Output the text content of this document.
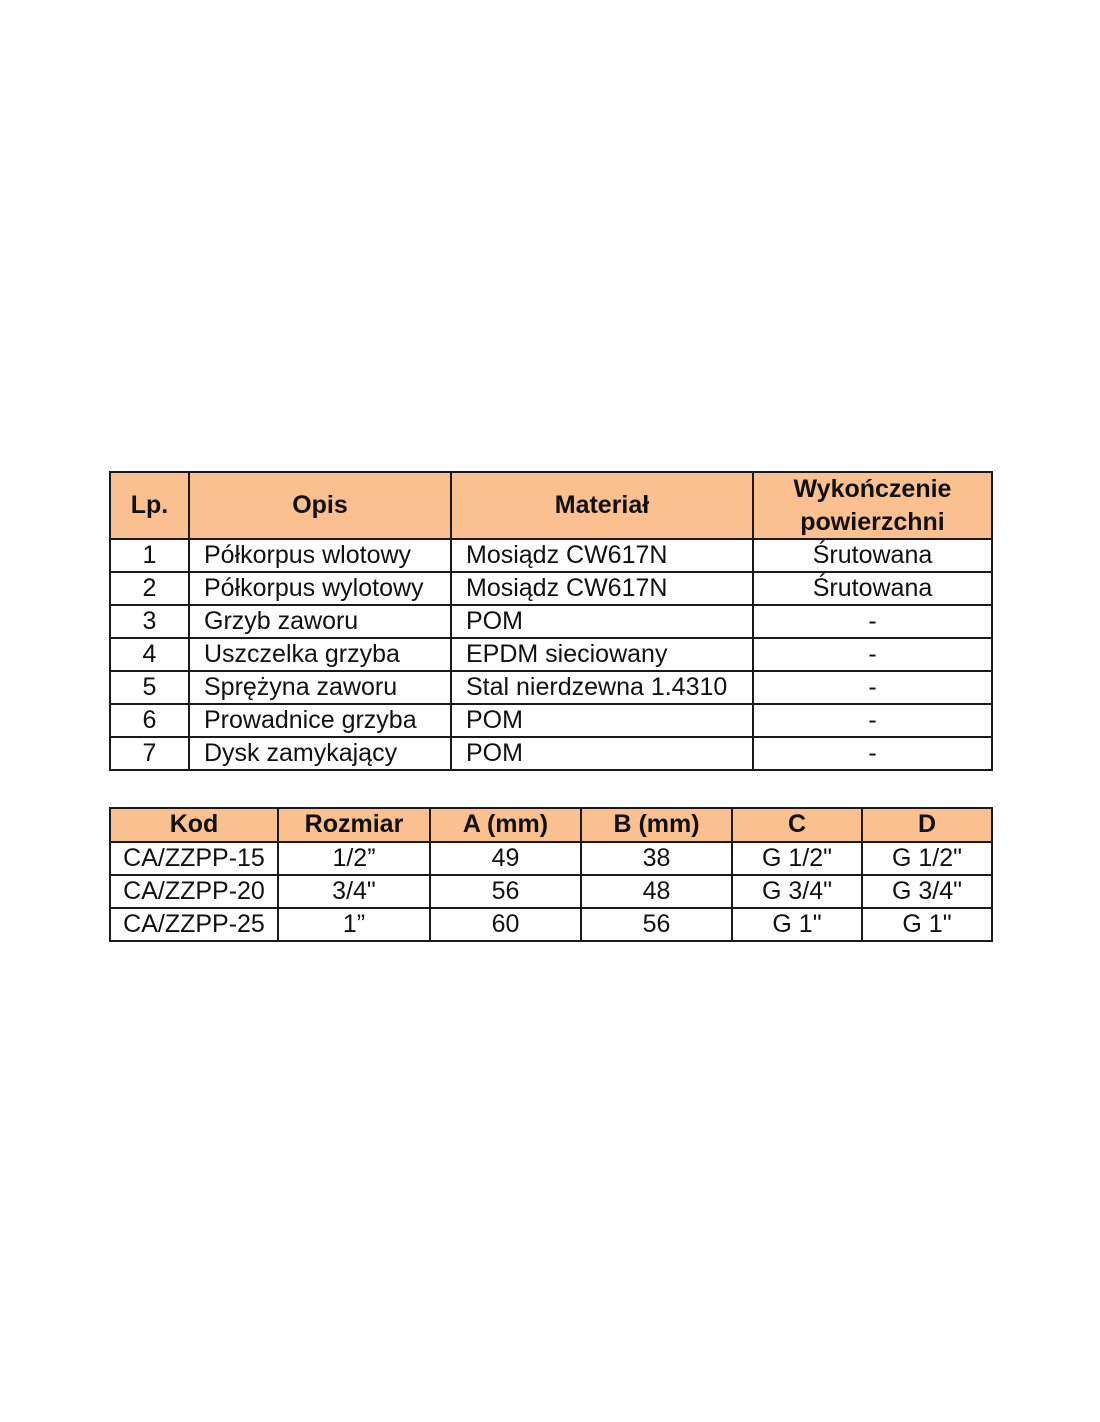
Lp.	Opis	Materiał	Wykończenie powierzchni
1	Półkorpus wlotowy	Mosiądz CW617N	Śrutowana
2	Półkorpus wylotowy	Mosiądz CW617N	Śrutowana
3	Grzyb zaworu	POM	-
4	Uszczelka grzyba	EPDM sieciowany	-
5	Sprężyna zaworu	Stal nierdzewna 1.4310	-
6	Prowadnice grzyba	POM	-
7	Dysk zamykający	POM	-
Kod	Rozmiar	A (mm)	B (mm)	C	D
CA/ZZPP-15	1/2”	49	38	G 1/2"	G 1/2"
CA/ZZPP-20	3/4"	56	48	G 3/4"	G 3/4"
CA/ZZPP-25	1”	60	56	G 1"	G 1"
